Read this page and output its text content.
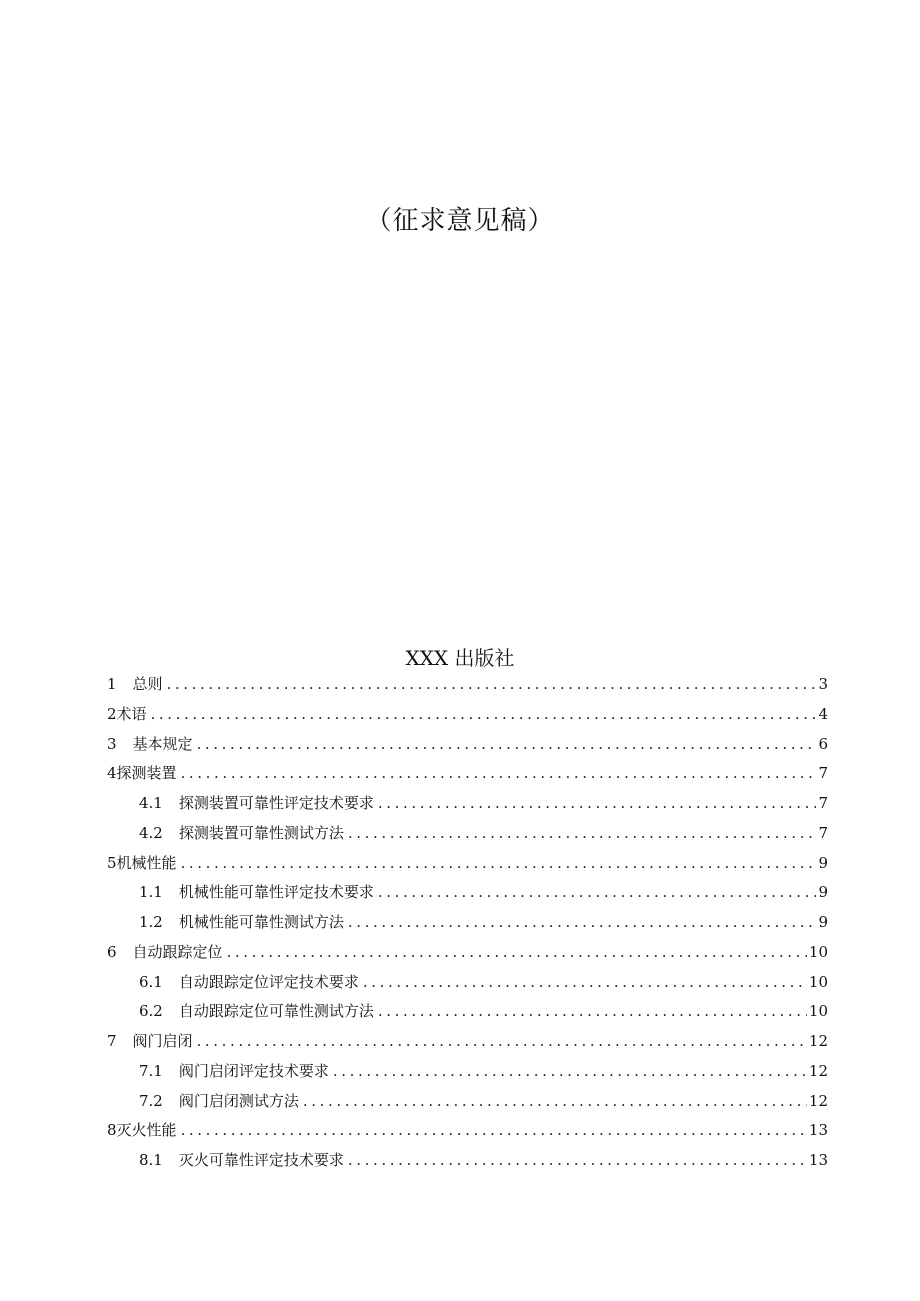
（征求意见稿）
XXX 出版社
1 总则 .....	3
2 术语 .....	4
3 基本规定 .....	6
4 探测装置 .....	7
4.1 探测装置可靠性评定技术要求 .....	7
4.2 探测装置可靠性测试方法 .....	7
5 机械性能 .....	9
1.1 机械性能可靠性评定技术要求 .....	9
1.2 机械性能可靠性测试方法 .....	9
6 自动跟踪定位 .....	10
6.1 自动跟踪定位评定技术要求 .....	10
6.2 自动跟踪定位可靠性测试方法 .....	10
7 阀门启闭 .....	12
7.1 阀门启闭评定技术要求 .....	12
7.2 阀门启闭测试方法 .....	12
8 灭火性能 .....	13
8.1 灭火可靠性评定技术要求 .....	13
